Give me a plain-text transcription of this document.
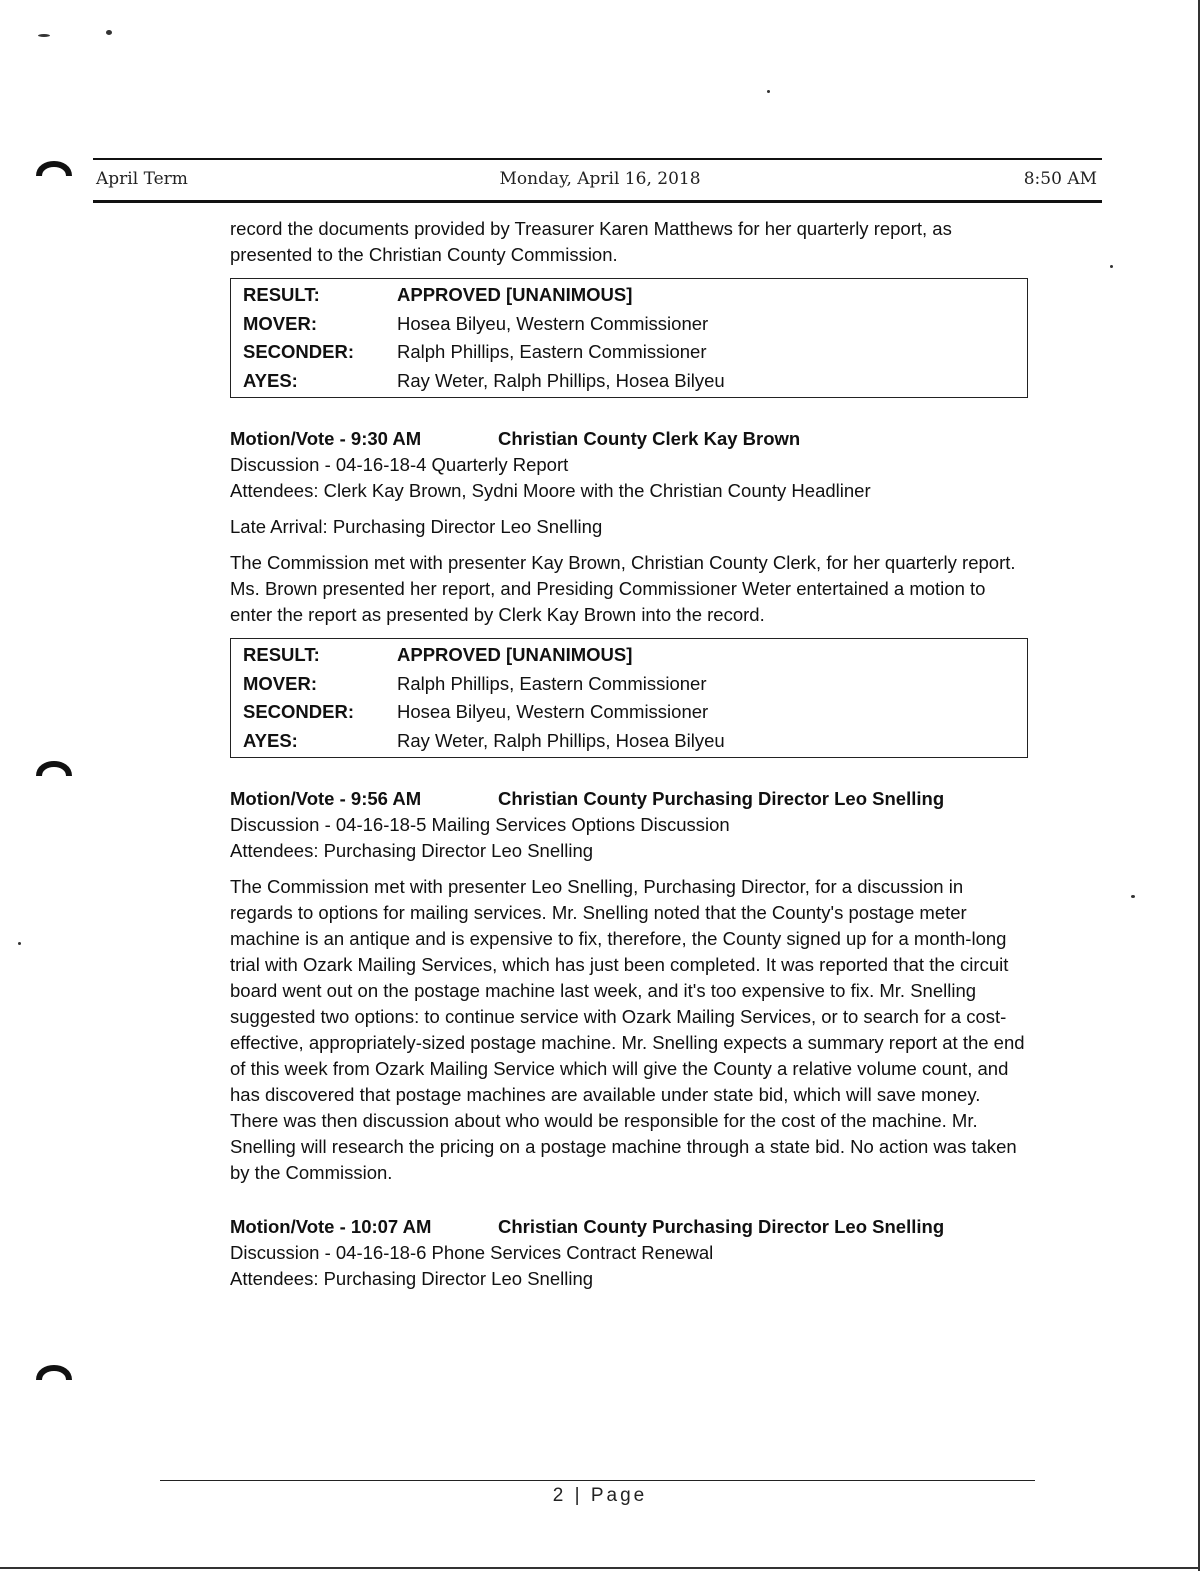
April Term	Monday, April 16, 2018	8:50 AM

record the documents provided by Treasurer Karen Matthews for her quarterly report, as presented to the Christian County Commission.

RESULT:	APPROVED [UNANIMOUS]
MOVER:	Hosea Bilyeu, Western Commissioner
SECONDER:	Ralph Phillips, Eastern Commissioner
AYES:	Ray Weter, Ralph Phillips, Hosea Bilyeu
Motion/Vote - 9:30 AM	Christian County Clerk Kay Brown

Discussion - 04-16-18-4 Quarterly Report

Attendees: Clerk Kay Brown, Sydni Moore with the Christian County Headliner

Late Arrival: Purchasing Director Leo Snelling

The Commission met with presenter Kay Brown, Christian County Clerk, for her quarterly report. Ms. Brown presented her report, and Presiding Commissioner Weter entertained a motion to enter the report as presented by Clerk Kay Brown into the record.

RESULT:	APPROVED [UNANIMOUS]
MOVER:	Ralph Phillips, Eastern Commissioner
SECONDER:	Hosea Bilyeu, Western Commissioner
AYES:	Ray Weter, Ralph Phillips, Hosea Bilyeu
Motion/Vote - 9:56 AM	Christian County Purchasing Director Leo Snelling

Discussion - 04-16-18-5 Mailing Services Options Discussion

Attendees: Purchasing Director Leo Snelling

The Commission met with presenter Leo Snelling, Purchasing Director, for a discussion in regards to options for mailing services. Mr. Snelling noted that the County's postage meter machine is an antique and is expensive to fix, therefore, the County signed up for a month-long trial with Ozark Mailing Services, which has just been completed. It was reported that the circuit board went out on the postage machine last week, and it's too expensive to fix. Mr. Snelling suggested two options: to continue service with Ozark Mailing Services, or to search for a cost-effective, appropriately-sized postage machine. Mr. Snelling expects a summary report at the end of this week from Ozark Mailing Service which will give the County a relative volume count, and has discovered that postage machines are available under state bid, which will save money. There was then discussion about who would be responsible for the cost of the machine. Mr. Snelling will research the pricing on a postage machine through a state bid. No action was taken by the Commission.

Motion/Vote - 10:07 AM	Christian County Purchasing Director Leo Snelling

Discussion - 04-16-18-6 Phone Services Contract Renewal

Attendees: Purchasing Director Leo Snelling

2 | Page
